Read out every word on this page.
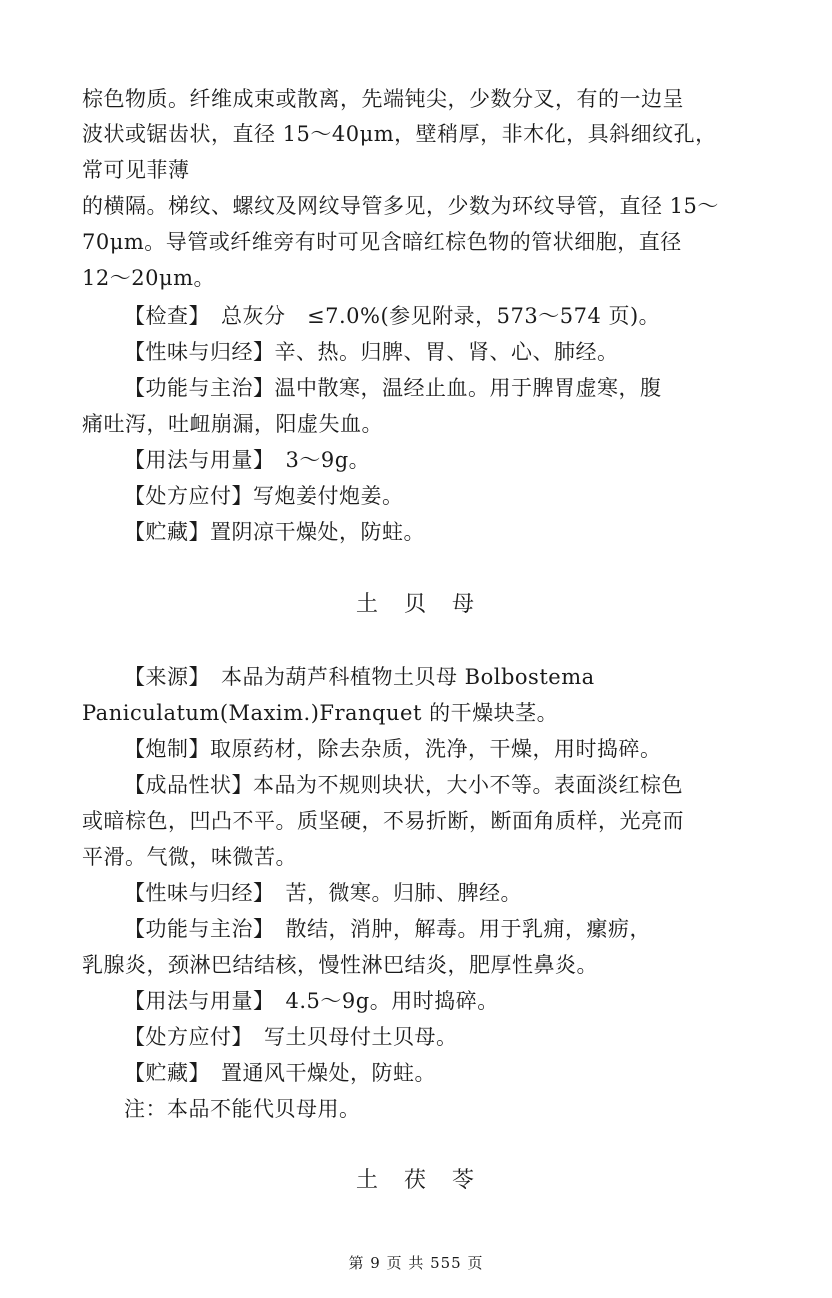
棕色物质。纤维成束或散离，先端钝尖，少数分叉，有的一边呈
波状或锯齿状，直径 15～40μm，壁稍厚，非木化，具斜细纹孔，
常可见菲薄
的横隔。梯纹、螺纹及网纹导管多见，少数为环纹导管，直径 15～
70μm。导管或纤维旁有时可见含暗红棕色物的管状细胞，直径
12～20μm。
【检查】　总灰分　≤7.0%(参见附录，573～574 页)。
【性味与归经】辛、热。归脾、胃、肾、心、肺经。
【功能与主治】温中散寒，温经止血。用于脾胃虚寒，腹
痛吐泻，吐衄崩漏，阳虚失血。
【用法与用量】　3～9g。
【处方应付】写炮姜付炮姜。
【贮藏】置阴凉干燥处，防蛀。
土　贝　母
【来源】　本品为葫芦科植物土贝母 Bolbostema
Paniculatum(Maxim.)Franquet 的干燥块茎。
【炮制】取原药材，除去杂质，洗净，干燥，用时捣碎。
【成品性状】本品为不规则块状，大小不等。表面淡红棕色
或暗棕色，凹凸不平。质坚硬，不易折断，断面角质样，光亮而
平滑。气微，味微苦。
【性味与归经】　苦，微寒。归肺、脾经。
【功能与主治】　散结，消肿，解毒。用于乳痈，瘰疬，
乳腺炎，颈淋巴结结核，慢性淋巴结炎，肥厚性鼻炎。
【用法与用量】　4.5～9g。用时捣碎。
【处方应付】　写土贝母付土贝母。
【贮藏】　置通风干燥处，防蛀。
注：本品不能代贝母用。
土　茯　苓
第 9 页 共 555 页
